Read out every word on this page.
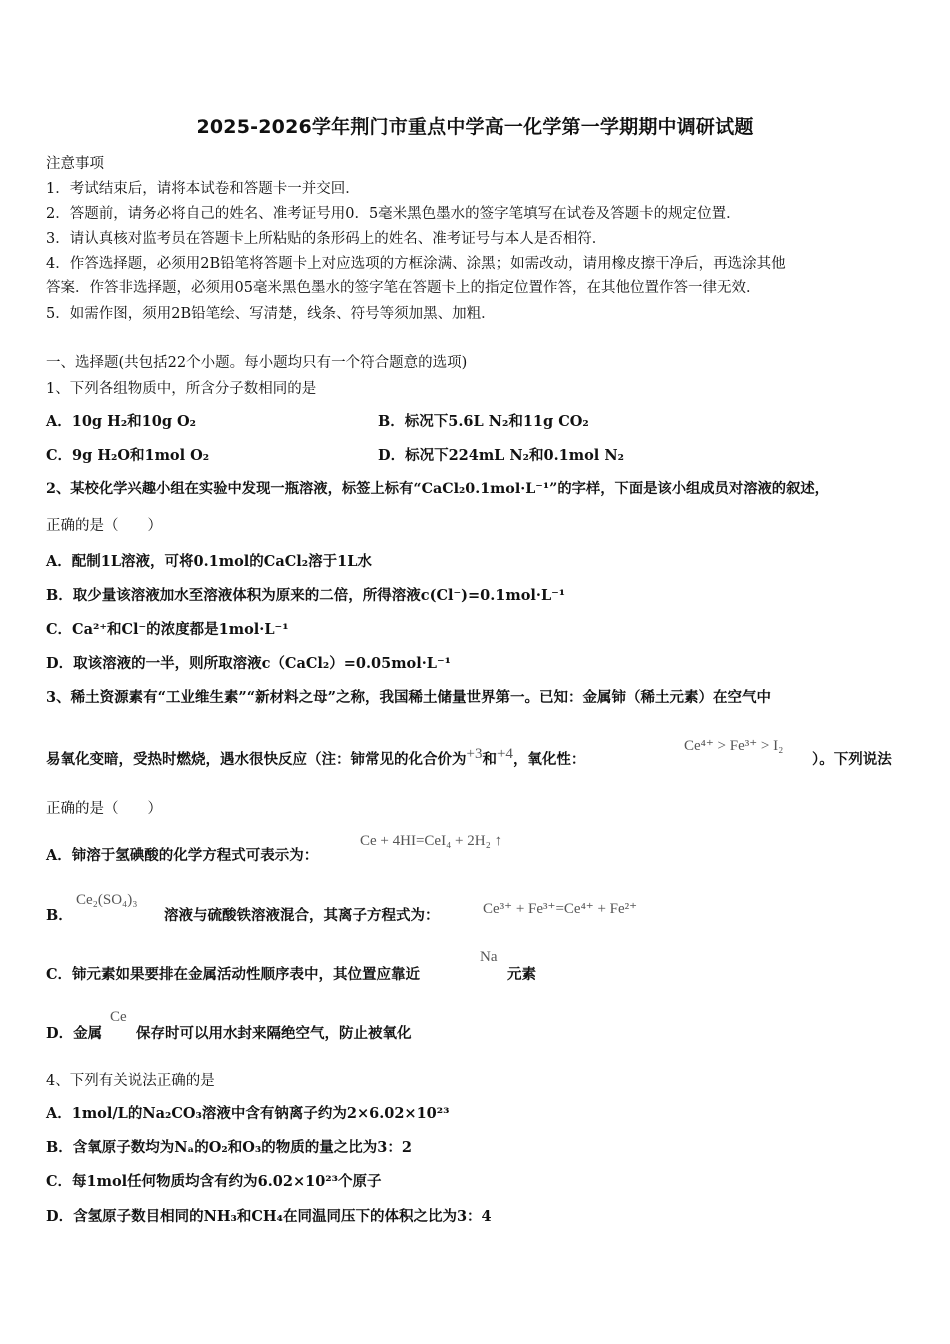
2025-2026学年荆门市重点中学高一化学第一学期期中调研试题
注意事项
1．考试结束后，请将本试卷和答题卡一并交回．
2．答题前，请务必将自己的姓名、准考证号用0．5毫米黑色墨水的签字笔填写在试卷及答题卡的规定位置．
3．请认真核对监考员在答题卡上所粘贴的条形码上的姓名、准考证号与本人是否相符．
4．作答选择题，必须用2B铅笔将答题卡上对应选项的方框涂满、涂黑；如需改动，请用橡皮擦干净后，再选涂其他
答案．作答非选择题，必须用05毫米黑色墨水的签字笔在答题卡上的指定位置作答，在其他位置作答一律无效．
5．如需作图，须用2B铅笔绘、写清楚，线条、符号等须加黑、加粗．
一、选择题(共包括22个小题。每小题均只有一个符合题意的选项)
1、下列各组物质中，所含分子数相同的是
A．10g H₂和10g O₂	B．标况下5.6L N₂和11g CO₂
C．9g H₂O和1mol O₂	D．标况下224mL N₂和0.1mol N₂
2、某校化学兴趣小组在实验中发现一瓶溶液，标签上标有“CaCl₂0.1mol·L⁻¹”的字样，下面是该小组成员对溶液的叙述，
正确的是（　　）
A．配制1L溶液，可将0.1mol的CaCl₂溶于1L水
B．取少量该溶液加水至溶液体积为原来的二倍，所得溶液c(Cl⁻)=0.1mol·L⁻¹
C．Ca²⁺和Cl⁻的浓度都是1mol·L⁻¹
D．取该溶液的一半，则所取溶液c（CaCl₂）=0.05mol·L⁻¹
3、稀土资源素有“工业维生素”“新材料之母”之称，我国稀土储量世界第一。已知：金属铈（稀土元素）在空气中
易氧化变暗，受热时燃烧，遇水很快反应（注：铈常见的化合价为+3和+4，氧化性：
Ce⁴⁺ > Fe³⁺ > I₂
）。下列说法
正确的是（　　）
A．铈溶于氢碘酸的化学方程式可表示为：
Ce + 4HI=CeI₄ + 2H₂ ↑
B．
Ce₂(SO₄)₃
溶液与硫酸铁溶液混合，其离子方程式为：	Ce³⁺ + Fe³⁺=Ce⁴⁺ + Fe²⁺
C．铈元素如果要排在金属活动性顺序表中，其位置应靠近
Na
元素
D．金属
Ce
保存时可以用水封来隔绝空气，防止被氧化
4、下列有关说法正确的是
A．1mol/L的Na₂CO₃溶液中含有钠离子约为2×6.02×10²³
B．含氧原子数均为Nₐ的O₂和O₃的物质的量之比为3：2
C．每1mol任何物质均含有约为6.02×10²³个原子
D．含氢原子数目相同的NH₃和CH₄在同温同压下的体积之比为3：4
